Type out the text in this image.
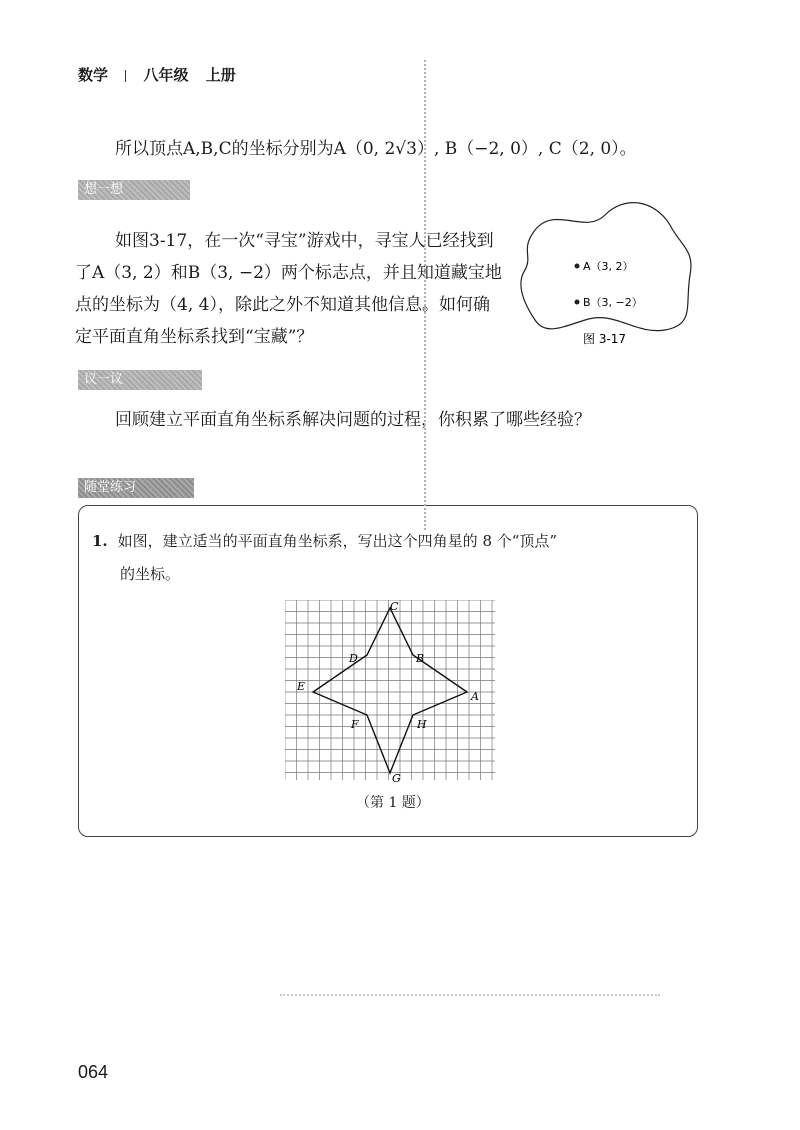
数学 八年级 上册
所以顶点A,B,C的坐标分别为A（0, 2√3）, B（−2, 0）, C（2, 0）。
想一想
如图3-17，在一次“寻宝”游戏中，寻宝人已经找到了A（3, 2）和B（3, −2）两个标志点，并且知道藏宝地点的坐标为（4, 4），除此之外不知道其他信息。如何确定平面直角坐标系找到“宝藏”？
A（3, 2）
B（3, −2）
图 3-17
议一议
回顾建立平面直角坐标系解决问题的过程，你积累了哪些经验？
随堂练习
1. 如图，建立适当的平面直角坐标系，写出这个四角星的 8 个“顶点”
的坐标。
A
B
C
D
E
F
G
H
（第 1 题）
064
